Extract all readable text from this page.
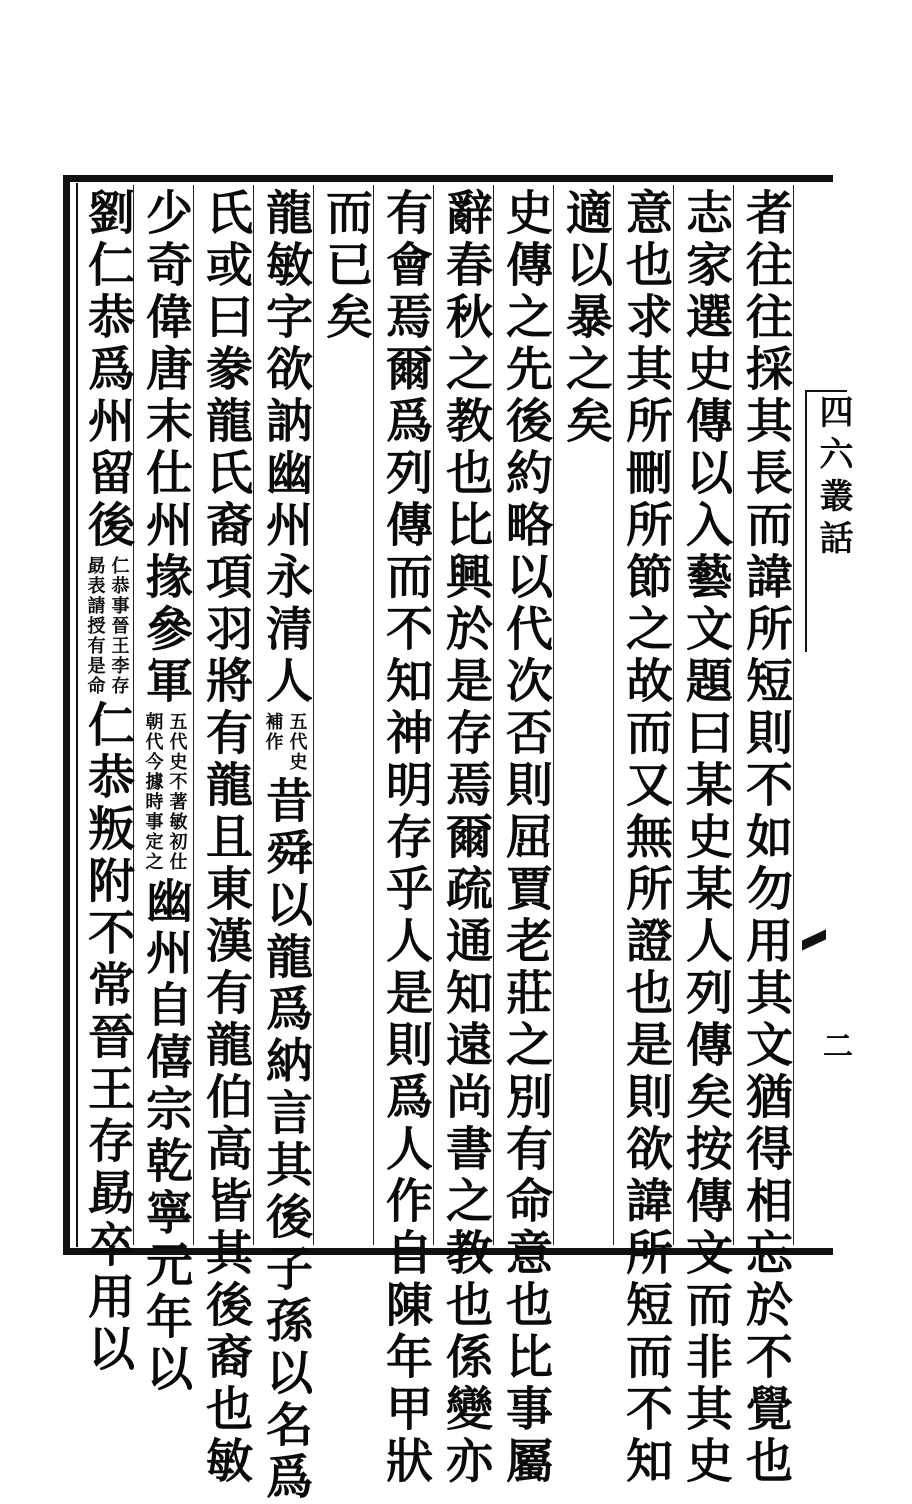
四六叢話
二
者往往採其長而諱所短則不如勿用其文猶得相忘於不覺也
志家選史傳以入藝文題曰某史某人列傳矣按傳文而非其史
意也求其所刪所節之故而又無所證也是則欲諱所短而不知
適以暴之矣
史傳之先後約略以代次否則屈賈老莊之別有命意也比事屬
辭春秋之教也比興於是存焉爾疏通知遠尚書之教也係變亦
有會焉爾爲列傳而不知神明存乎人是則爲人作自陳年甲狀
而已矣
龍敏字欲訥幽州永清人
五代史
補作
昔舜以龍爲納言其後子孫以名爲
氏或曰豢龍氏裔項羽將有龍且東漢有龍伯高皆其後裔也敏
少奇偉唐末仕州掾參軍
五代史不著敏初仕
朝代今據時事定之
幽州自僖宗乾寧元年以
劉仁恭爲州留後
仁恭事晉王李存
勗表請授有是命
仁恭叛附不常晉王存勗卒用以
